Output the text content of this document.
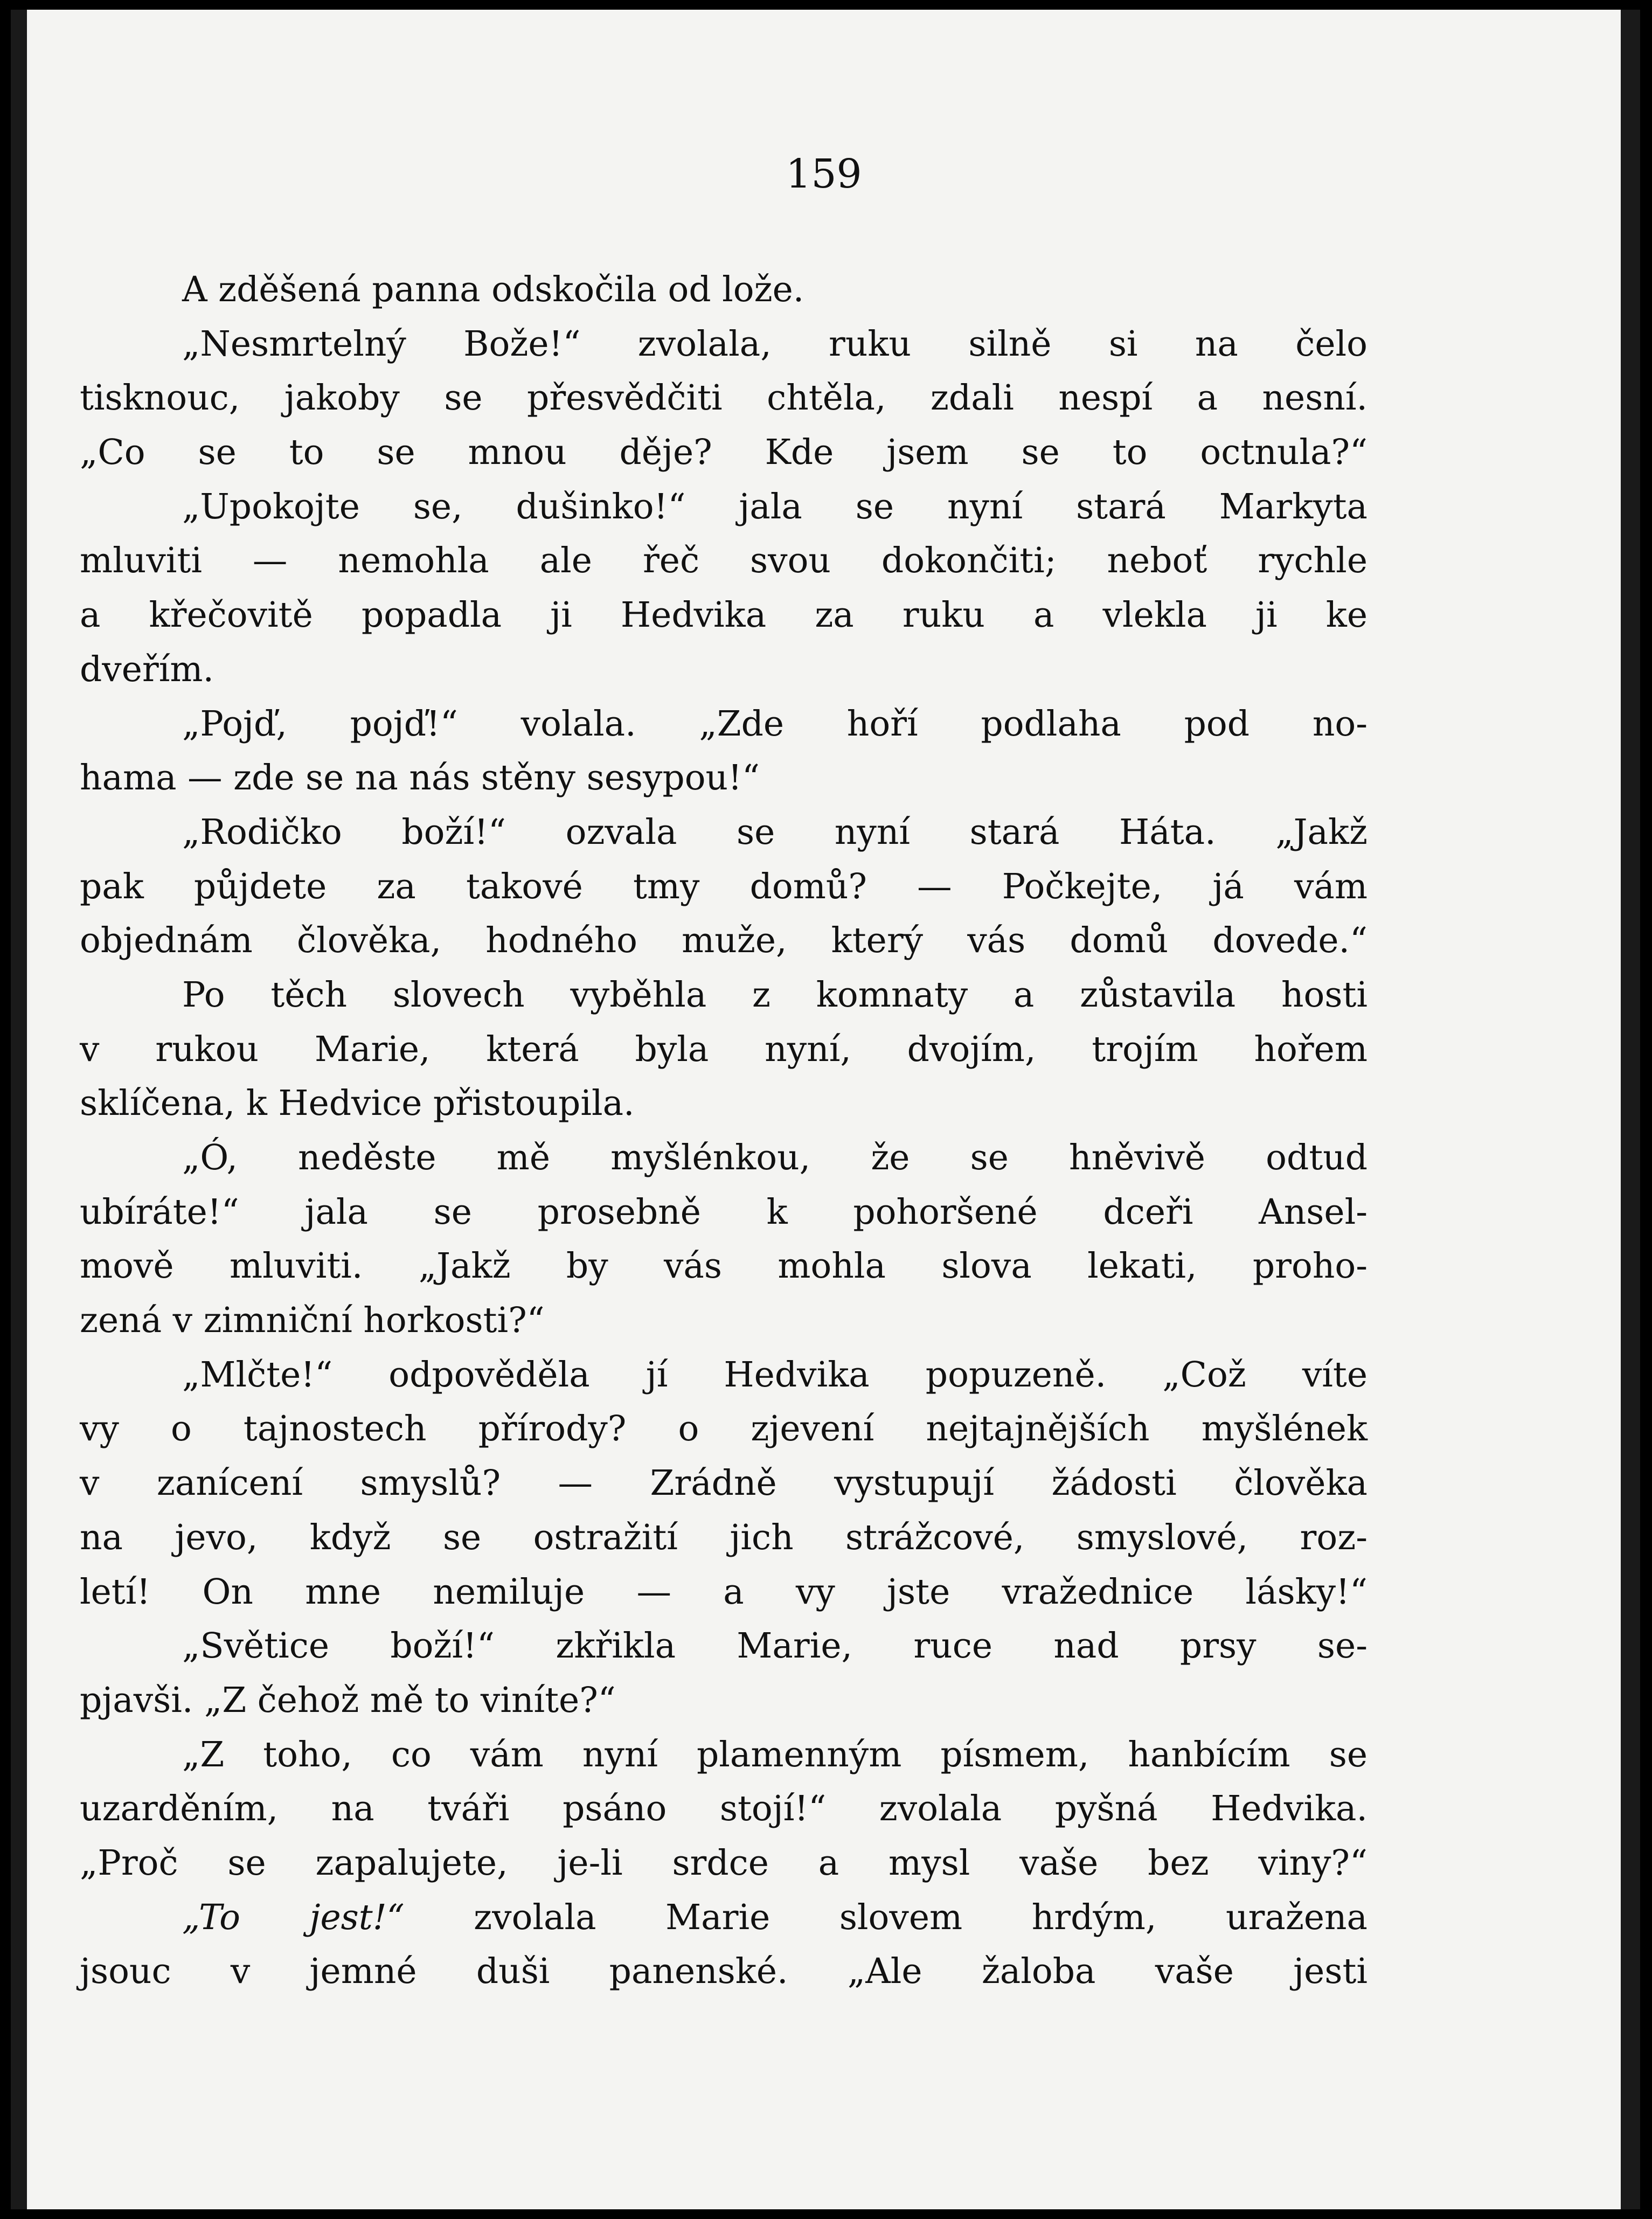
159
A zděšená panna odskočila od lože.
„Nesmrtelný Bože!“ zvolala, ruku silně si na čelo
tisknouc, jakoby se přesvědčiti chtěla, zdali nespí a nesní.
„Co se to se mnou děje? Kde jsem se to octnula?“
„Upokojte se, dušinko!“ jala se nyní stará Markyta
mluviti — nemohla ale řeč svou dokončiti; neboť rychle
a křečovitě popadla ji Hedvika za ruku a vlekla ji ke
dveřím.
„Pojď, pojď!“ volala. „Zde hoří podlaha pod no-
hama — zde se na nás stěny sesypou!“
„Rodičko boží!“ ozvala se nyní stará Háta. „Jakž
pak půjdete za takové tmy domů? — Počkejte, já vám
objednám člověka, hodného muže, který vás domů dovede.“
Po těch slovech vyběhla z komnaty a zůstavila hosti
v rukou Marie, která byla nyní, dvojím, trojím hořem
sklíčena, k Hedvice přistoupila.
„Ó, neděste mě myšlénkou, že se hněvivě odtud
ubíráte!“ jala se prosebně k pohoršené dceři Ansel-
mově mluviti. „Jakž by vás mohla slova lekati, proho-
zená v zimniční horkosti?“
„Mlčte!“ odpověděla jí Hedvika popuzeně. „Což víte
vy o tajnostech přírody? o zjevení nejtajnějších myšlének
v zanícení smyslů? — Zrádně vystupují žádosti člověka
na jevo, když se ostražití jich strážcové, smyslové, roz-
letí! On mne nemiluje — a vy jste vražednice lásky!“
„Světice boží!“ zkřikla Marie, ruce nad prsy se-
pjavši. „Z čehož mě to viníte?“
„Z toho, co vám nyní plamenným písmem, hanbícím se
uzarděním, na tváři psáno stojí!“ zvolala pyšná Hedvika.
„Proč se zapalujete, je-li srdce a mysl vaše bez viny?“
„To jest!“ zvolala Marie slovem hrdým, uražena
jsouc v jemné duši panenské. „Ale žaloba vaše jesti
